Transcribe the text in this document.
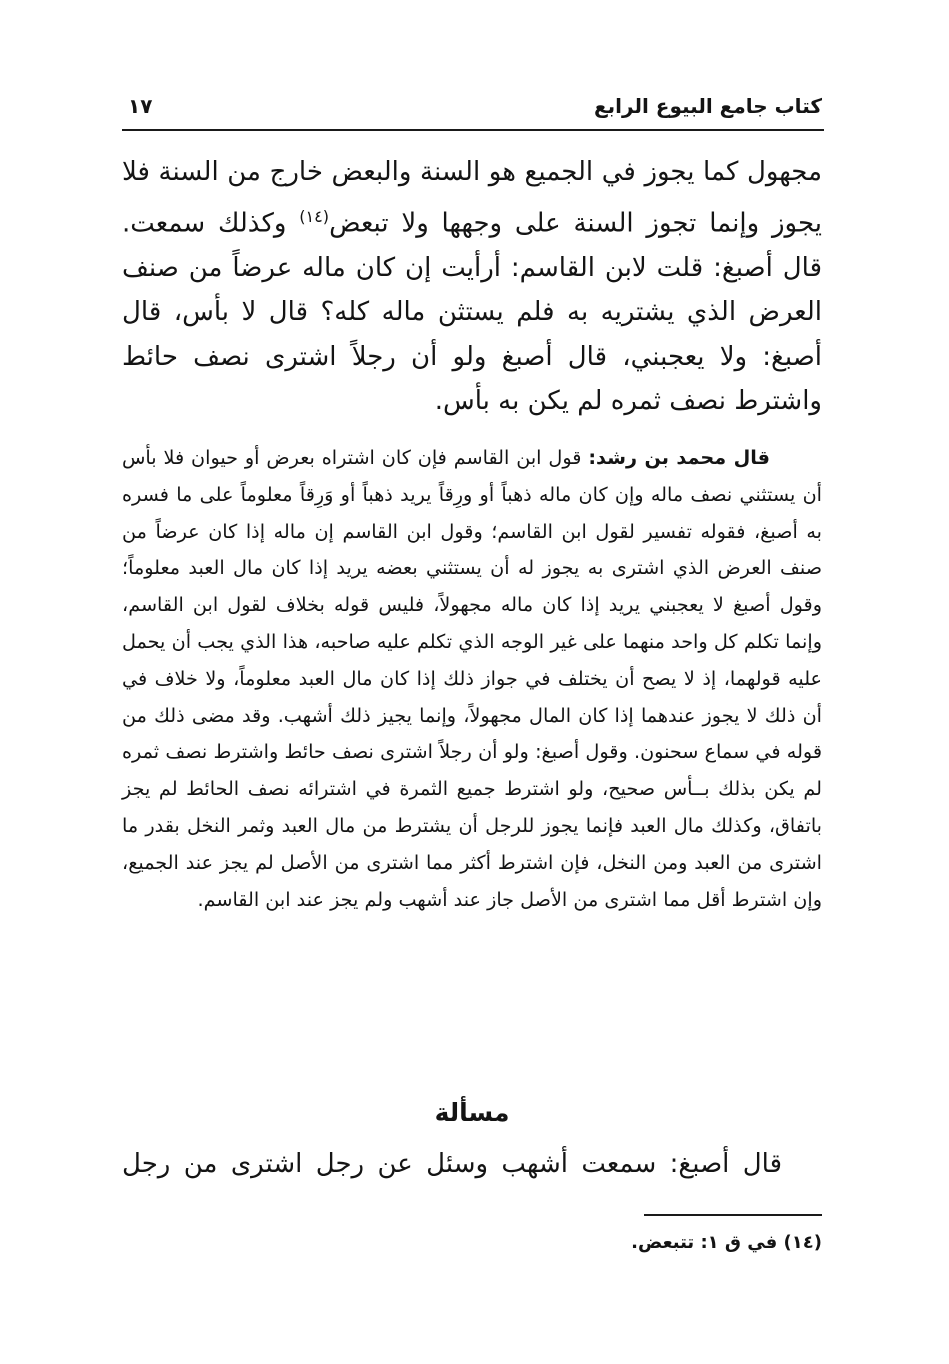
كتاب جامع البيوع الرابع
١٧

مجهول كما يجوز في الجميع هو السنة والبعض خارج من السنة فلا يجوز وإنما تجوز السنة على وجهها ولا تبعض$^{(١٤)}$ وكذلك سمعت. قال أصبغ: قلت لابن القاسم: أرأيت إن كان ماله عرضاً من صنف العرض الذي يشتريه به فلم يستثن ماله كله؟ قال لا بأس، قال أصبغ: ولا يعجبني، قال أصبغ ولو أن رجلاً اشترى نصف حائط واشترط نصف ثمره لم يكن به بأس.

قال محمد بن رشد: قول ابن القاسم فإن كان اشتراه بعرض أو حيوان فلا بأس أن يستثني نصف ماله وإن كان ماله ذهباً أو ورِقاً يريد ذهباً أو وَرِقاً معلوماً على ما فسره به أصبغ، فقوله تفسير لقول ابن القاسم؛ وقول ابن القاسم إن ماله إذا كان عرضاً من صنف العرض الذي اشترى به يجوز له أن يستثني بعضه يريد إذا كان مال العبد معلوماً؛ وقول أصبغ لا يعجبني يريد إذا كان ماله مجهولاً، فليس قوله بخلاف لقول ابن القاسم، وإنما تكلم كل واحد منهما على غير الوجه الذي تكلم عليه صاحبه، هذا الذي يجب أن يحمل عليه قولهما، إذ لا يصح أن يختلف في جواز ذلك إذا كان مال العبد معلوماً، ولا خلاف في أن ذلك لا يجوز عندهما إذا كان المال مجهولاً، وإنما يجيز ذلك أشهب. وقد مضى ذلك من قوله في سماع سحنون. وقول أصبغ: ولو أن رجلاً اشترى نصف حائط واشترط نصف ثمره لم يكن بذلك بــأس صحيح، ولو اشترط جميع الثمرة في اشترائه نصف الحائط لم يجز باتفاق، وكذلك مال العبد فإنما يجوز للرجل أن يشترط من مال العبد وثمر النخل بقدر ما اشترى من العبد ومن النخل، فإن اشترط أكثر مما اشترى من الأصل لم يجز عند الجميع، وإن اشترط أقل مما اشترى من الأصل جاز عند أشهب ولم يجز عند ابن القاسم.

مسألة

قال أصبغ: سمعت أشهب وسئل عن رجل اشترى من رجل

(١٤) في ق ١: تتبعض.
